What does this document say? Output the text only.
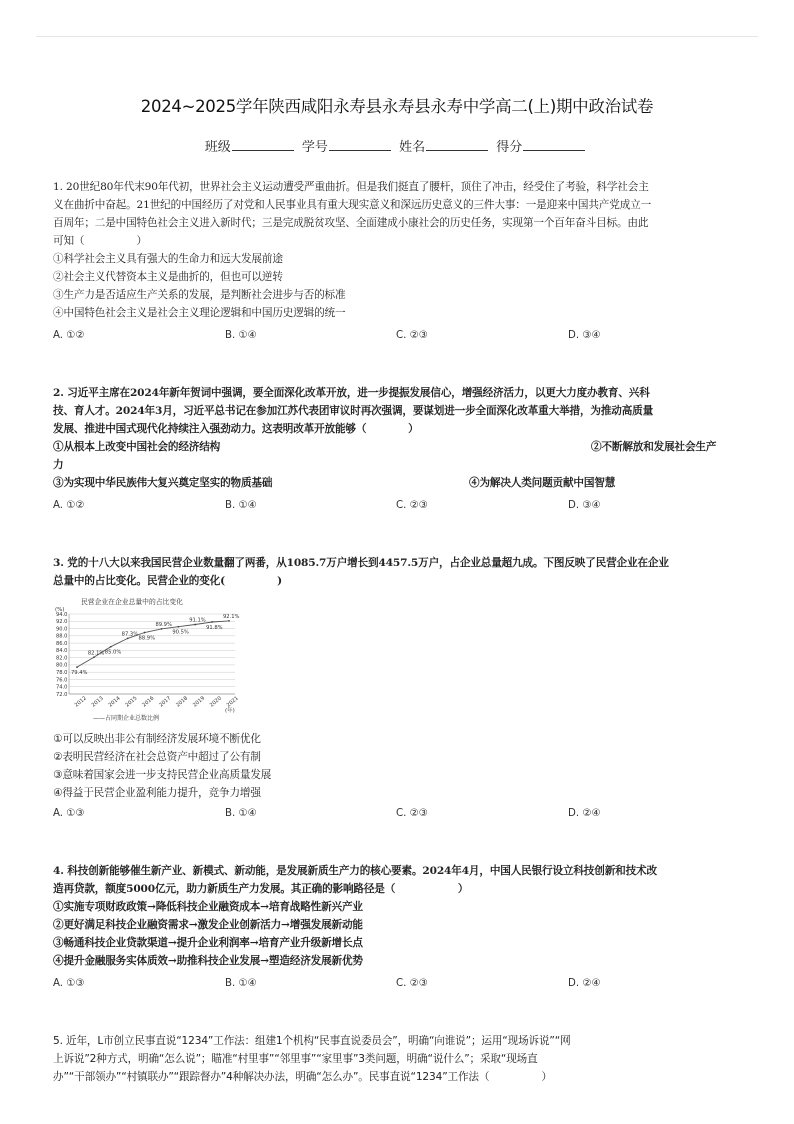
2024~2025学年陕西咸阳永寿县永寿县永寿中学高二(上)期中政治试卷
班级	学号	姓名	得分

1. 20世纪80年代末90年代初，世界社会主义运动遭受严重曲折。但是我们挺直了腰杆，顶住了冲击，经受住了考验，科学社会主

义在曲折中奋起。21世纪的中国经历了对党和人民事业具有重大现实意义和深远历史意义的三件大事：一是迎来中国共产党成立一

百周年；二是中国特色社会主义进入新时代；三是完成脱贫攻坚、全面建成小康社会的历史任务，实现第一个百年奋斗目标。由此

可知（　　　　　）

①科学社会主义具有强大的生命力和远大发展前途

②社会主义代替资本主义是曲折的，但也可以逆转

③生产力是否适应生产关系的发展，是判断社会进步与否的标准

④中国特色社会主义是社会主义理论逻辑和中国历史逻辑的统一

A. ①②	B. ①④	C. ②③	D. ③④

2. 习近平主席在2024年新年贺词中强调，要全面深化改革开放，进一步提振发展信心，增强经济活力，以更大力度办教育、兴科

技、育人才。2024年3月，习近平总书记在参加江苏代表团审议时再次强调，要谋划进一步全面深化改革重大举措，为推动高质量

发展、推进中国式现代化持续注入强劲动力。这表明改革开放能够（　　　　）

①从根本上改变中国社会的经济结构	②不断解放和发展社会生产

力

③为实现中华民族伟大复兴奠定坚实的物质基础	④为解决人类问题贡献中国智慧
A. ①②	B. ①④	C. ②③	D. ③④

3. 党的十八大以来我国民营企业数量翻了两番，从1085.7万户增长到4457.5万户，占企业总量超九成。下图反映了民营企业在企业

总量中的占比变化。民营企业的变化(　　　　　)

民营企业在企业总量中的占比变化
(%)
94.0
92.0
90.0
88.0
86.0
84.0
82.0
80.0
78.0
76.0
74.0
72.0
2012 2013 2014 2015 2016 2017 2018 2019 2020 2021
79.4%
82.1% 85.0%
87.3%
88.9%
89.9%
90.5%
91.1%
91.8%
92.1%
(年)
——占同期企业总数比例

①可以反映出非公有制经济发展环境不断优化

②表明民营经济在社会总资产中超过了公有制

③意味着国家会进一步支持民营企业高质量发展

④得益于民营企业盈利能力提升，竞争力增强

A. ①③	B. ①④	C. ②③	D. ②④

4. 科技创新能够催生新产业、新模式、新动能，是发展新质生产力的核心要素。2024年4月，中国人民银行设立科技创新和技术改

造再贷款，额度5000亿元，助力新质生产力发展。其正确的影响路径是（　　　　　　）

①实施专项财政政策→降低科技企业融资成本→培育战略性新兴产业

②更好满足科技企业融资需求→激发企业创新活力→增强发展新动能

③畅通科技企业贷款渠道→提升企业利润率→培育产业升级新增长点

④提升金融服务实体质效→助推科技企业发展→塑造经济发展新优势

A. ①③	B. ①④	C. ②③	D. ②④

5. 近年，L市创立民事直说“1234”工作法：组建1个机构“民事直说委员会”，明确“向谁说”；运用“现场诉说”“网

上诉说”2种方式，明确“怎么说”；瞄准“村里事”“邻里事”“家里事”3类问题，明确“说什么”；采取“现场直

办”“干部领办”“村镇联办”“跟踪督办”4种解决办法，明确“怎么办”。民事直说“1234”工作法（　　　　　）
